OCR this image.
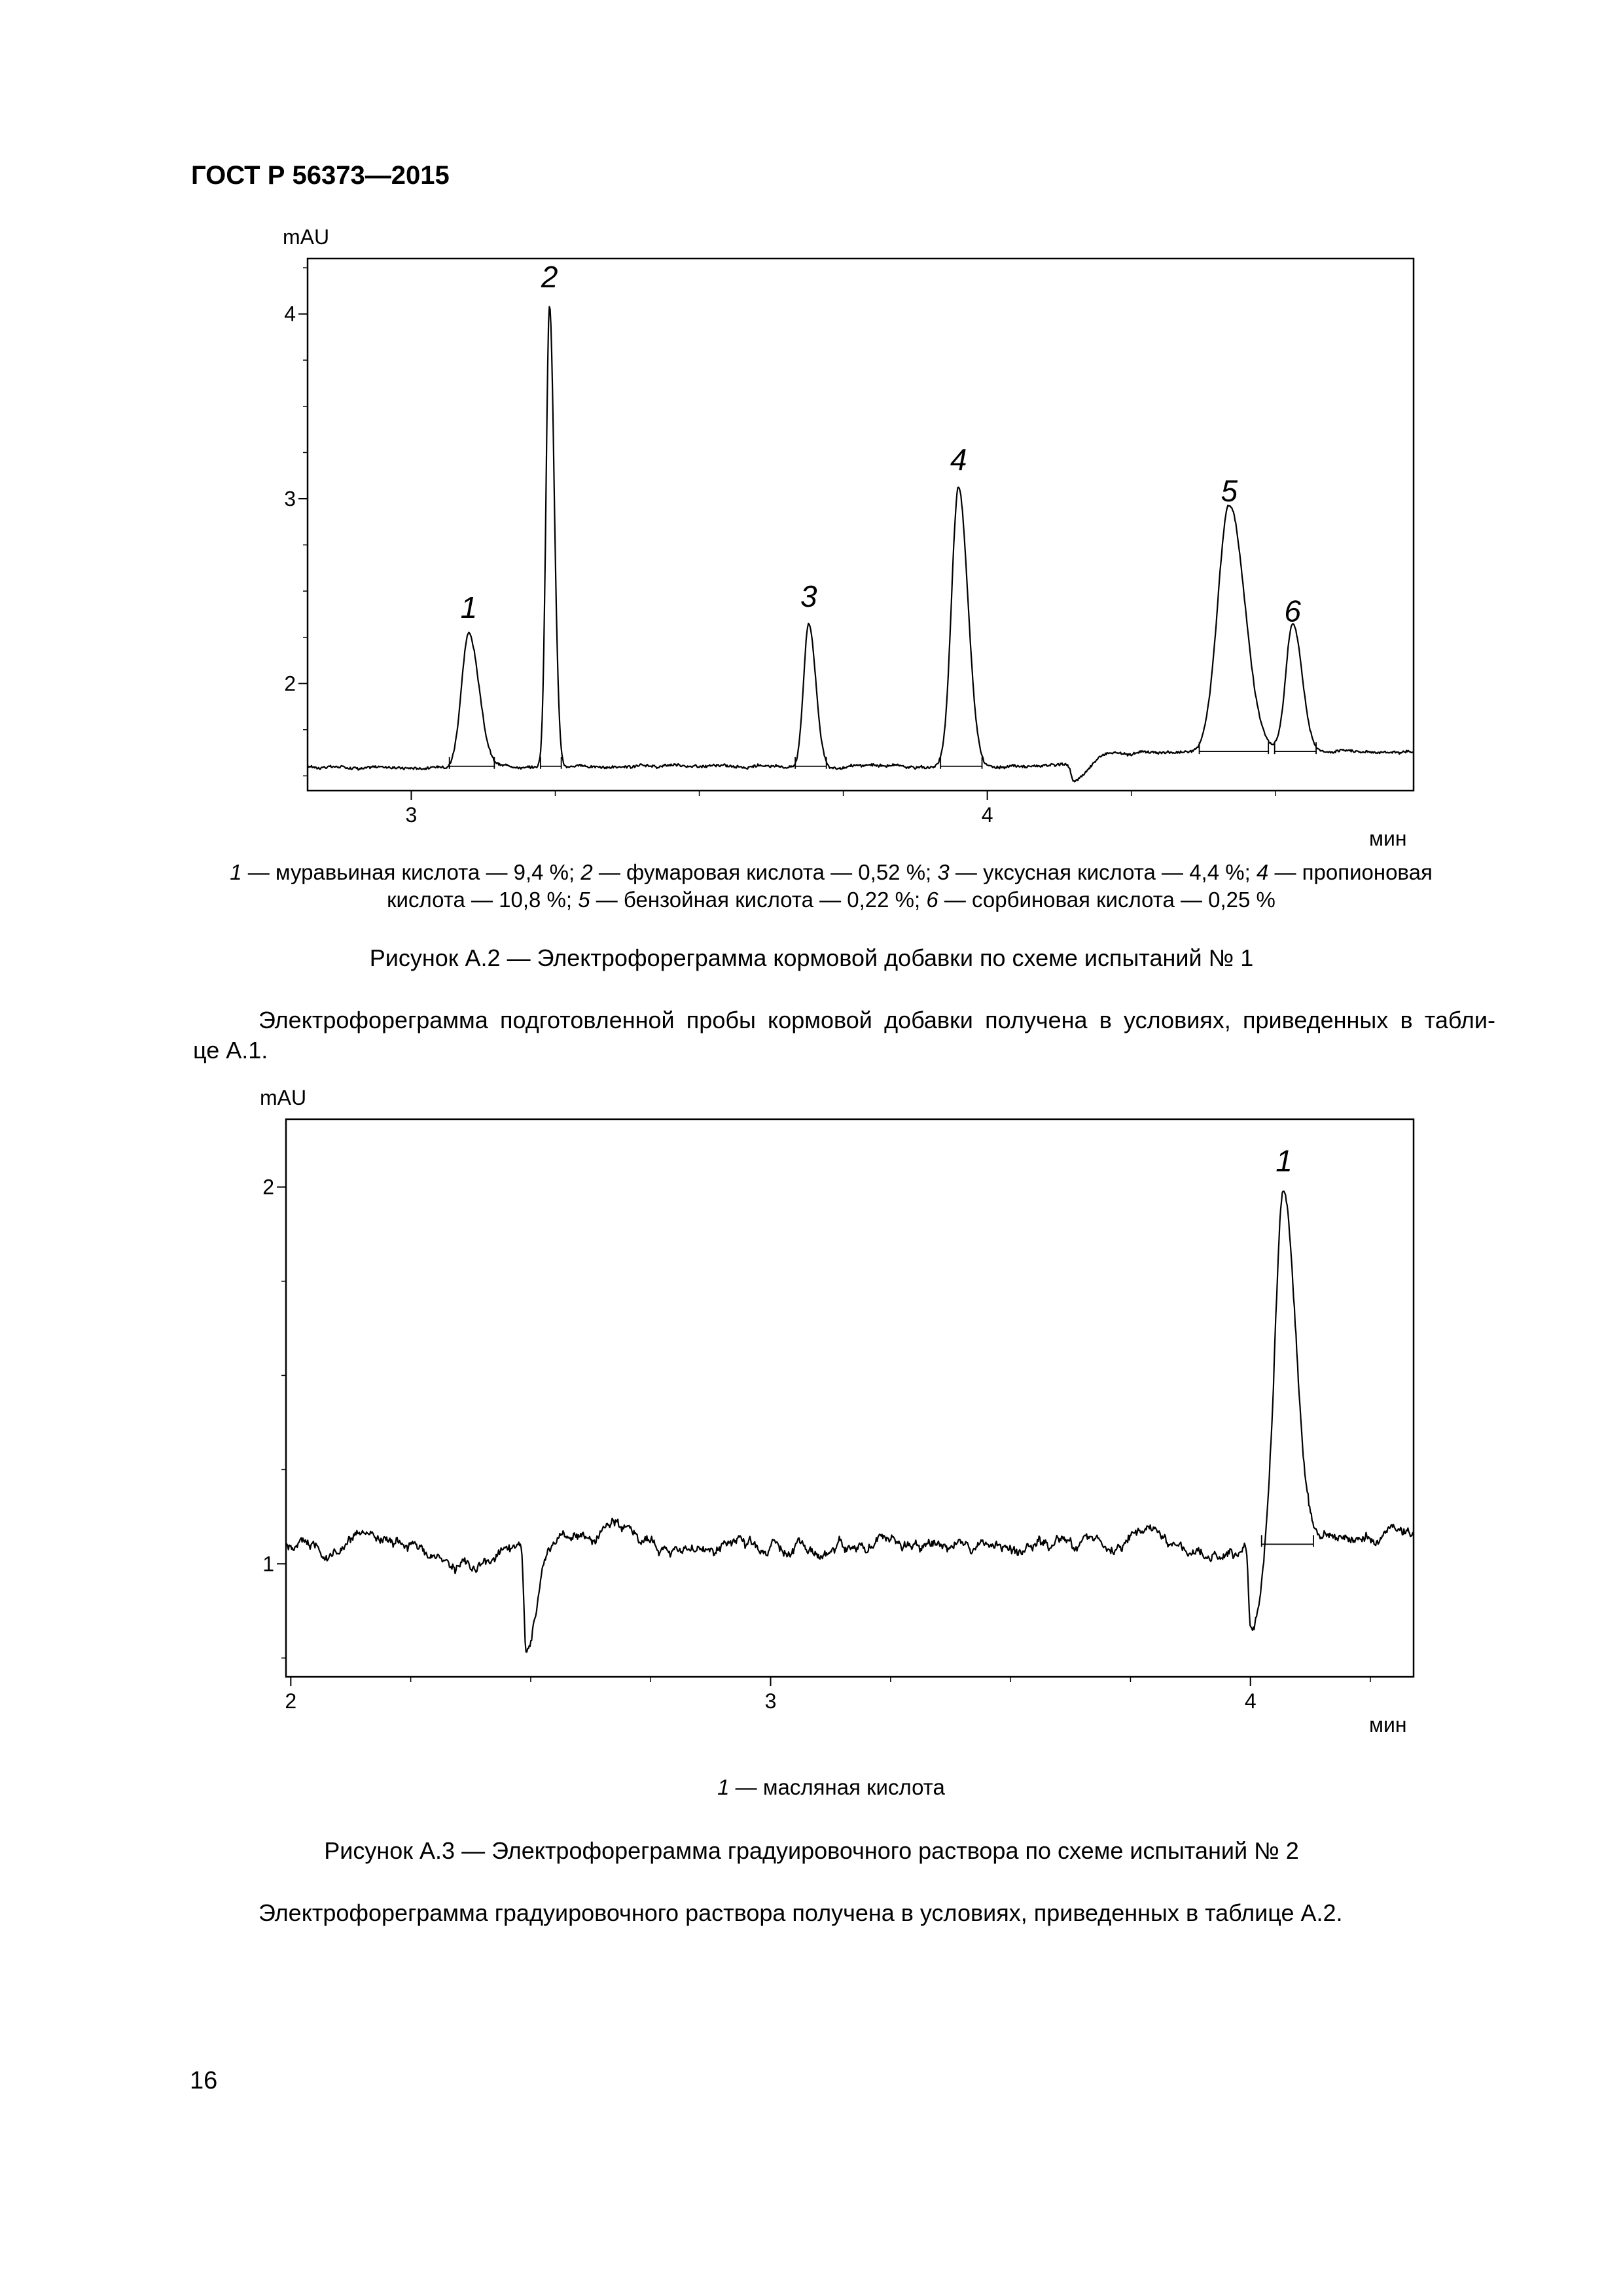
ГОСТ Р 56373—2015
2
3
4
3	4
mAU
мин
1
2
3
4
5
6
1 — муравьиная кислота — 9,4 %; 2 — фумаровая кислота — 0,52 %; 3 — уксусная кислота — 4,4 %; 4 — пропионовая
кислота — 10,8 %; 5 — бензойная кислота — 0,22 %; 6 — сорбиновая кислота — 0,25 %
Рисунок А.2 — Электрофореграмма кормовой добавки по схеме испытаний № 1
Электрофореграмма подготовленной пробы кормовой добавки получена в условиях, приведенных в табли-
це А.1.
1
2
2	3	4
mAU
мин
1
1 — масляная кислота
Рисунок А.3 — Электрофореграмма градуировочного раствора по схеме испытаний № 2
Электрофореграмма градуировочного раствора получена в условиях, приведенных в таблице А.2.
16
